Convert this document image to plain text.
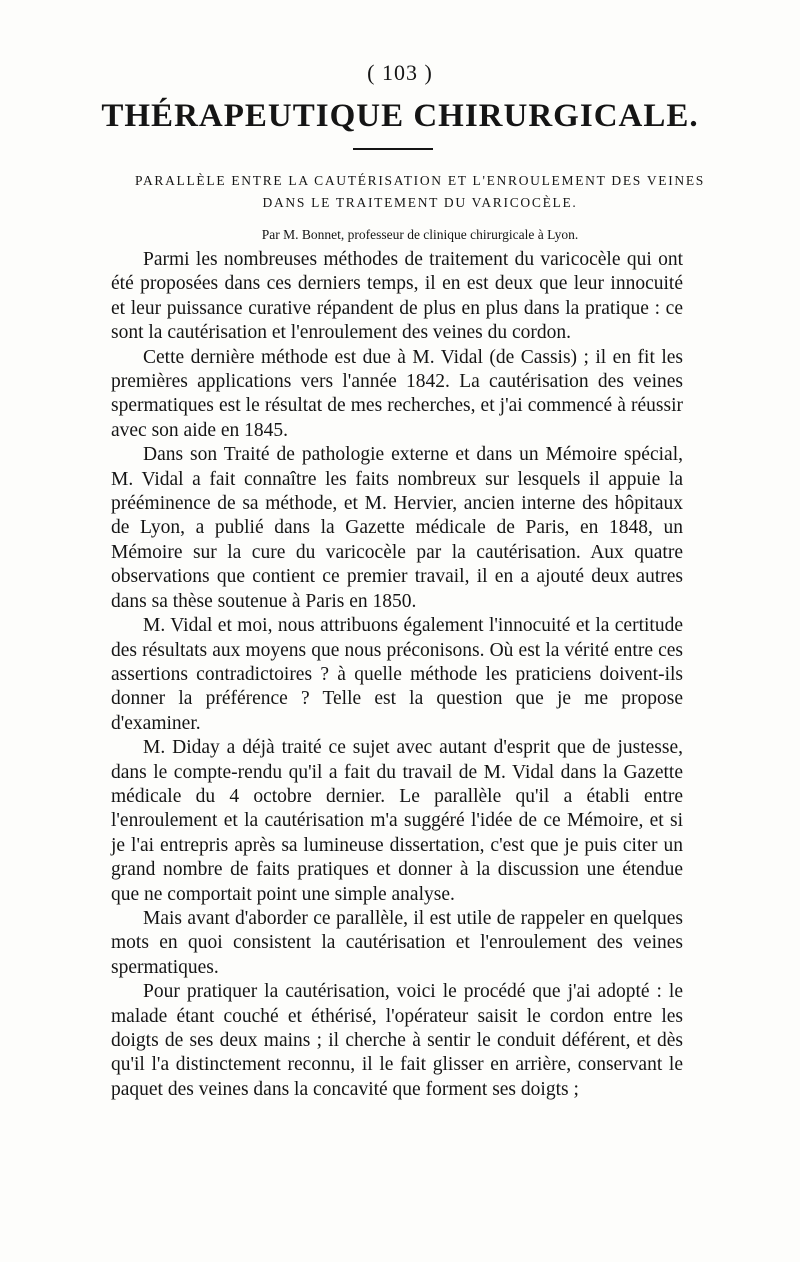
( 103 )
THÉRAPEUTIQUE CHIRURGICALE.
PARALLÈLE ENTRE LA CAUTÉRISATION ET L'ENROULEMENT DES VEINES
DANS LE TRAITEMENT DU VARICOCÈLE.
Par M. Bonnet, professeur de clinique chirurgicale à Lyon.

Parmi les nombreuses méthodes de traitement du varicocèle qui ont été proposées dans ces derniers temps, il en est deux que leur innocuité et leur puissance curative répandent de plus en plus dans la pratique : ce sont la cautérisation et l'enroulement des veines du cordon.

Cette dernière méthode est due à M. Vidal (de Cassis) ; il en fit les premières applications vers l'année 1842. La cautérisation des veines spermatiques est le résultat de mes recherches, et j'ai commencé à réussir avec son aide en 1845.

Dans son Traité de pathologie externe et dans un Mémoire spécial, M. Vidal a fait connaître les faits nombreux sur lesquels il appuie la prééminence de sa méthode, et M. Hervier, ancien interne des hôpitaux de Lyon, a publié dans la Gazette médicale de Paris, en 1848, un Mémoire sur la cure du varicocèle par la cautérisation. Aux quatre observations que contient ce premier travail, il en a ajouté deux autres dans sa thèse soutenue à Paris en 1850.

M. Vidal et moi, nous attribuons également l'innocuité et la certitude des résultats aux moyens que nous préconisons. Où est la vérité entre ces assertions contradictoires ? à quelle méthode les praticiens doivent-ils donner la préférence ? Telle est la question que je me propose d'examiner.

M. Diday a déjà traité ce sujet avec autant d'esprit que de justesse, dans le compte-rendu qu'il a fait du travail de M. Vidal dans la Gazette médicale du 4 octobre dernier. Le parallèle qu'il a établi entre l'enroulement et la cautérisation m'a suggéré l'idée de ce Mémoire, et si je l'ai entrepris après sa lumineuse dissertation, c'est que je puis citer un grand nombre de faits pratiques et donner à la discussion une étendue que ne comportait point une simple analyse.

Mais avant d'aborder ce parallèle, il est utile de rappeler en quelques mots en quoi consistent la cautérisation et l'enroulement des veines spermatiques.

Pour pratiquer la cautérisation, voici le procédé que j'ai adopté : le malade étant couché et éthérisé, l'opérateur saisit le cordon entre les doigts de ses deux mains ; il cherche à sentir le conduit déférent, et dès qu'il l'a distinctement reconnu, il le fait glisser en arrière, conservant le paquet des veines dans la concavité que forment ses doigts ;
